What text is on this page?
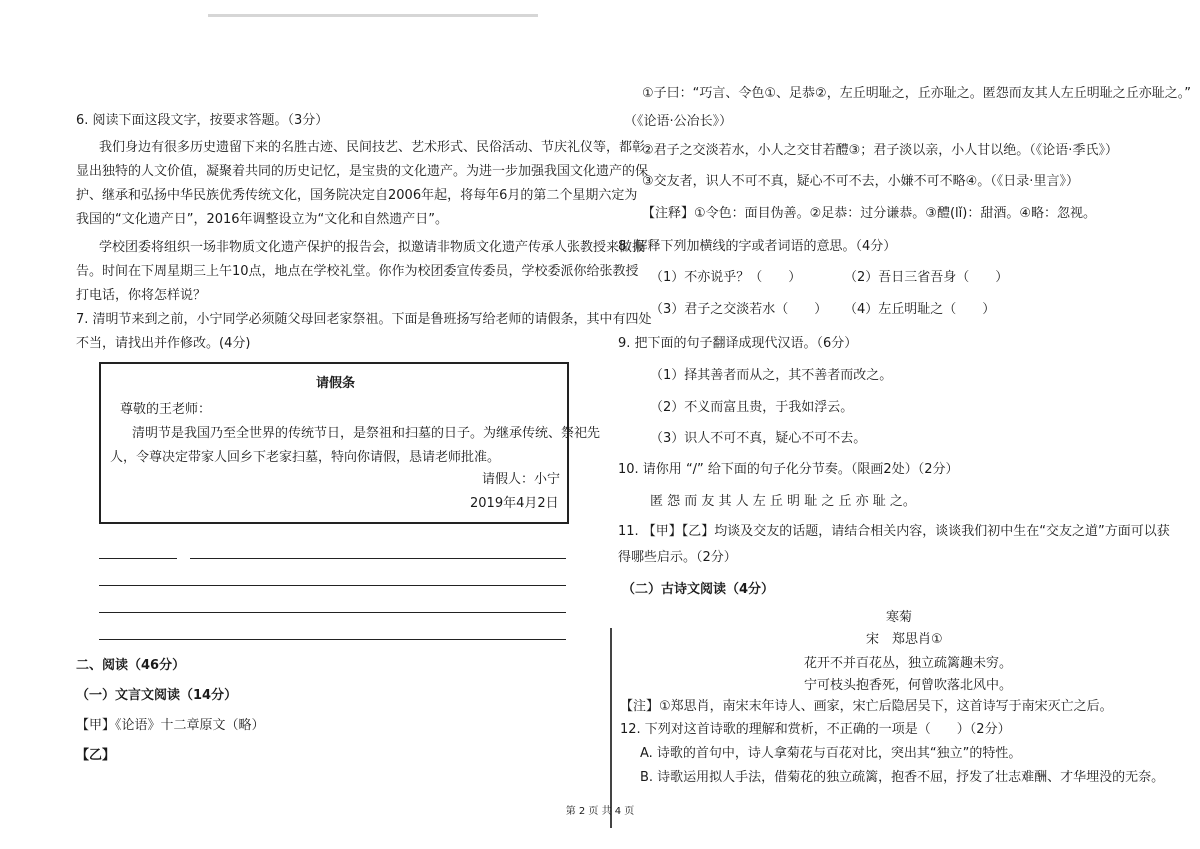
6. 阅读下面这段文字，按要求答题。（3分）
我们身边有很多历史遗留下来的名胜古迹、民间技艺、艺术形式、民俗活动、节庆礼仪等，都彰
显出独特的人文价值，凝聚着共同的历史记忆，是宝贵的文化遗产。为进一步加强我国文化遗产的保
护、继承和弘扬中华民族优秀传统文化，国务院决定自2006年起，将每年6月的第二个星期六定为
我国的“文化遗产日”，2016年调整设立为“文化和自然遗产日”。
学校团委将组织一场非物质文化遗产保护的报告会，拟邀请非物质文化遗产传承人张教授来做报
告。时间在下周星期三上午10点，地点在学校礼堂。你作为校团委宣传委员，学校委派你给张教授
打电话，你将怎样说？
7. 清明节来到之前，小宁同学必须随父母回老家祭祖。下面是鲁班扬写给老师的请假条，其中有四处
不当，请找出并作修改。(4分)
请假条
尊敬的王老师：
清明节是我国乃至全世界的传统节日，是祭祖和扫墓的日子。为继承传统、祭祀先
人，令尊决定带家人回乡下老家扫墓，特向你请假，恳请老师批准。
请假人：小宁
2019年4月2日
二、阅读（46分）
（一）文言文阅读（14分）
【甲】《论语》十二章原文（略）
【乙】
①子曰：“巧言、令色①、足恭②，左丘明耻之，丘亦耻之。匿怨而友其人左丘明耻之丘亦耻之。”
（《论语·公冶长》）
②君子之交淡若水，小人之交甘若醴③；君子淡以亲，小人甘以绝。（《论语·季氏》）
③交友者，识人不可不真，疑心不可不去，小嫌不可不略④。（《日录·里言》）
【注释】①令色：面目伪善。②足恭：过分谦恭。③醴(lǐ)：甜酒。④略：忽视。
8. 解释下列加横线的字或者词语的意思。（4分）
（1）不亦说乎？（　　）	（2）吾日三省吾身（　　）
（3）君子之交淡若水（　　） （4）左丘明耻之（　　）
9. 把下面的句子翻译成现代汉语。（6分）
（1）择其善者而从之，其不善者而改之。
（2）不义而富且贵，于我如浮云。
（3）识人不可不真，疑心不可不去。
10. 请你用 “/” 给下面的句子化分节奏。（限画2处）（2分）
匿 怨 而 友 其 人 左 丘 明 耻 之 丘 亦 耻 之。
11. 【甲】【乙】均谈及交友的话题，请结合相关内容，谈谈我们初中生在“交友之道”方面可以获
得哪些启示。（2分）
（二）古诗文阅读（4分）
寒菊
宋　郑思肖①
花开不并百花丛，独立疏篱趣未穷。
宁可枝头抱香死，何曾吹落北风中。
【注】①郑思肖，南宋末年诗人、画家，宋亡后隐居吴下，这首诗写于南宋灭亡之后。
12. 下列对这首诗歌的理解和赏析，不正确的一项是（　　）（2分）
A. 诗歌的首句中，诗人拿菊花与百花对比，突出其“独立”的特性。
B. 诗歌运用拟人手法，借菊花的独立疏篱，抱香不屈，抒发了壮志难酬、才华埋没的无奈。
第 2 页 共 4 页
